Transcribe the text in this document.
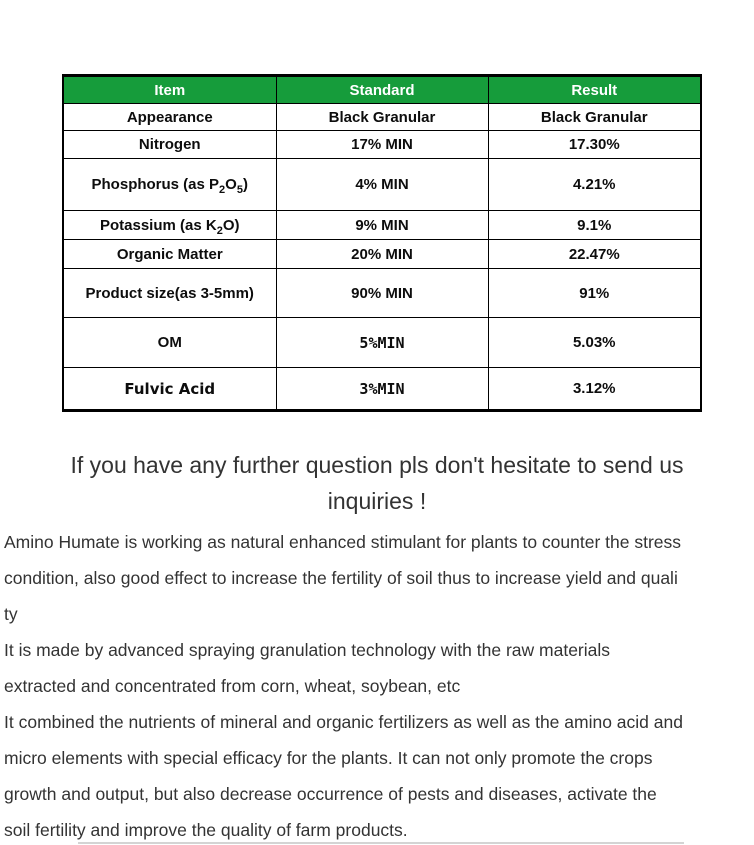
Item	Standard	Result
Appearance	Black Granular	Black Granular
Nitrogen	17% MIN	17.30%
Phosphorus (as $P_2O_5$)	4% MIN	4.21%
Potassium (as $K_2O$)	9% MIN	9.1%
Organic Matter	20% MIN	22.47%
Product size(as 3-5mm)	90% MIN	91%
OM	5%MIN	5.03%
Fulvic Acid	3%MIN	3.12%
If you have any further question pls don't hesitate to send us
inquiries !
Amino Humate is working as natural enhanced stimulant for plants to counter the stress
condition, also good effect to increase the fertility of soil thus to increase yield and quali
ty
It is made by advanced spraying granulation technology with the raw materials
extracted and concentrated from corn, wheat, soybean, etc
It combined the nutrients of mineral and organic fertilizers as well as the amino acid and
micro elements with special efficacy for the plants. It can not only promote the crops
growth and output, but also decrease occurrence of pests and diseases, activate the
soil fertility and improve the quality of farm products.
